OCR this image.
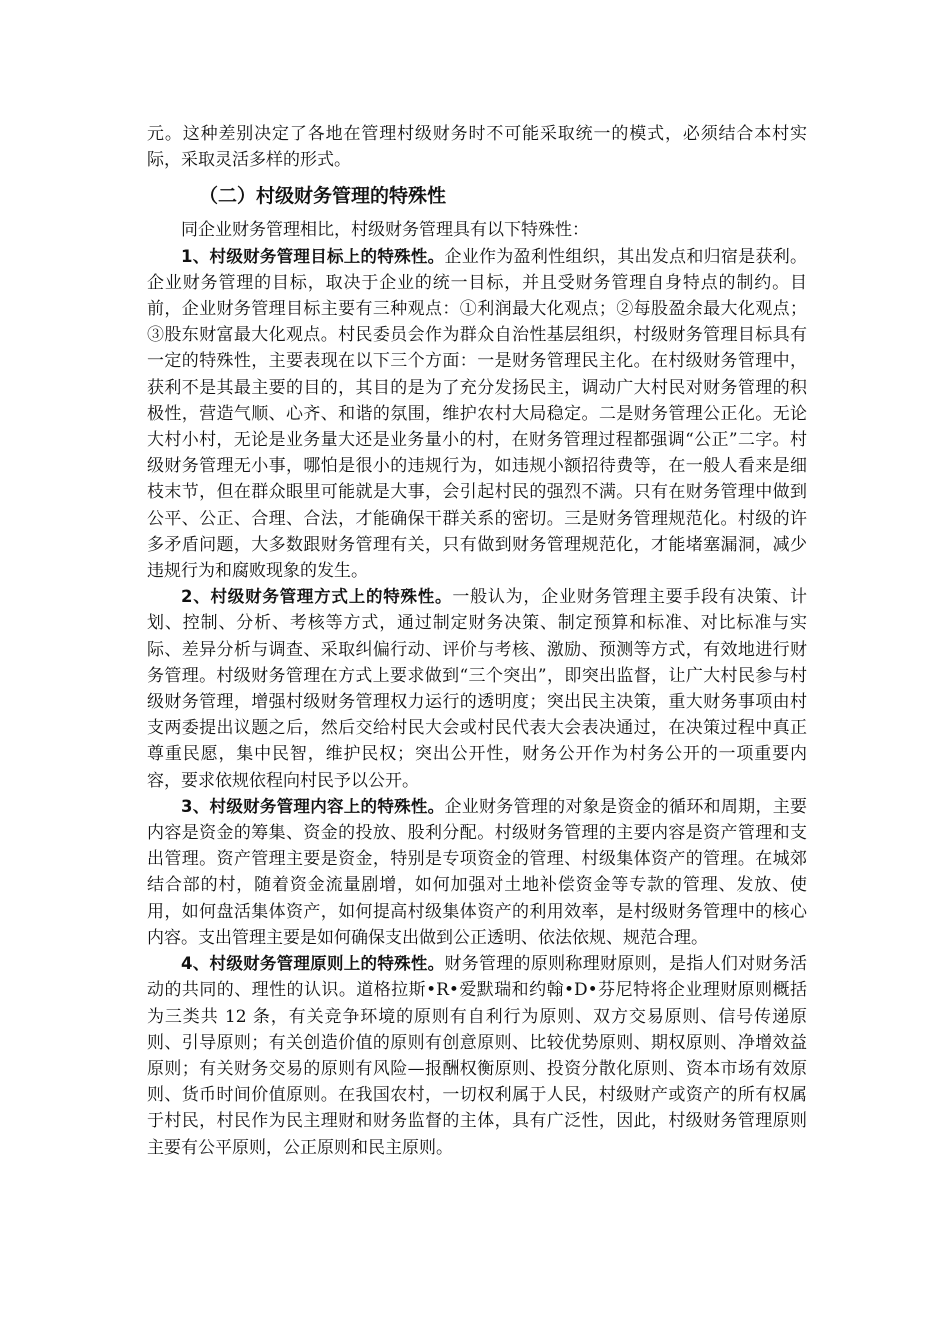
元。这种差别决定了各地在管理村级财务时不可能采取统一的模式，必须结合本村实际，采取灵活多样的形式。

（二）村级财务管理的特殊性

同企业财务管理相比，村级财务管理具有以下特殊性：

1、村级财务管理目标上的特殊性。企业作为盈利性组织，其出发点和归宿是获利。企业财务管理的目标，取决于企业的统一目标，并且受财务管理自身特点的制约。目前，企业财务管理目标主要有三种观点：①利润最大化观点；②每股盈余最大化观点；③股东财富最大化观点。村民委员会作为群众自治性基层组织，村级财务管理目标具有一定的特殊性，主要表现在以下三个方面：一是财务管理民主化。在村级财务管理中，获利不是其最主要的目的，其目的是为了充分发扬民主，调动广大村民对财务管理的积极性，营造气顺、心齐、和谐的氛围，维护农村大局稳定。二是财务管理公正化。无论大村小村，无论是业务量大还是业务量小的村，在财务管理过程都强调“公正”二字。村级财务管理无小事，哪怕是很小的违规行为，如违规小额招待费等，在一般人看来是细枝末节，但在群众眼里可能就是大事，会引起村民的强烈不满。只有在财务管理中做到公平、公正、合理、合法，才能确保干群关系的密切。三是财务管理规范化。村级的许多矛盾问题，大多数跟财务管理有关，只有做到财务管理规范化，才能堵塞漏洞，减少违规行为和腐败现象的发生。

2、村级财务管理方式上的特殊性。一般认为，企业财务管理主要手段有决策、计划、控制、分析、考核等方式，通过制定财务决策、制定预算和标准、对比标准与实际、差异分析与调查、采取纠偏行动、评价与考核、激励、预测等方式，有效地进行财务管理。村级财务管理在方式上要求做到“三个突出”，即突出监督，让广大村民参与村级财务管理，增强村级财务管理权力运行的透明度；突出民主决策，重大财务事项由村支两委提出议题之后，然后交给村民大会或村民代表大会表决通过，在决策过程中真正尊重民愿，集中民智，维护民权；突出公开性，财务公开作为村务公开的一项重要内容，要求依规依程向村民予以公开。

3、村级财务管理内容上的特殊性。企业财务管理的对象是资金的循环和周期，主要内容是资金的筹集、资金的投放、股利分配。村级财务管理的主要内容是资产管理和支出管理。资产管理主要是资金，特别是专项资金的管理、村级集体资产的管理。在城郊结合部的村，随着资金流量剧增，如何加强对土地补偿资金等专款的管理、发放、使用，如何盘活集体资产，如何提高村级集体资产的利用效率，是村级财务管理中的核心内容。支出管理主要是如何确保支出做到公正透明、依法依规、规范合理。

4、村级财务管理原则上的特殊性。财务管理的原则称理财原则，是指人们对财务活动的共同的、理性的认识。道格拉斯•R•爱默瑞和约翰•D•芬尼特将企业理财原则概括为三类共 12 条，有关竞争环境的原则有自利行为原则、双方交易原则、信号传递原则、引导原则；有关创造价值的原则有创意原则、比较优势原则、期权原则、净增效益原则；有关财务交易的原则有风险—报酬权衡原则、投资分散化原则、资本市场有效原则、货币时间价值原则。在我国农村，一切权利属于人民，村级财产或资产的所有权属于村民，村民作为民主理财和财务监督的主体，具有广泛性，因此，村级财务管理原则主要有公平原则，公正原则和民主原则。
